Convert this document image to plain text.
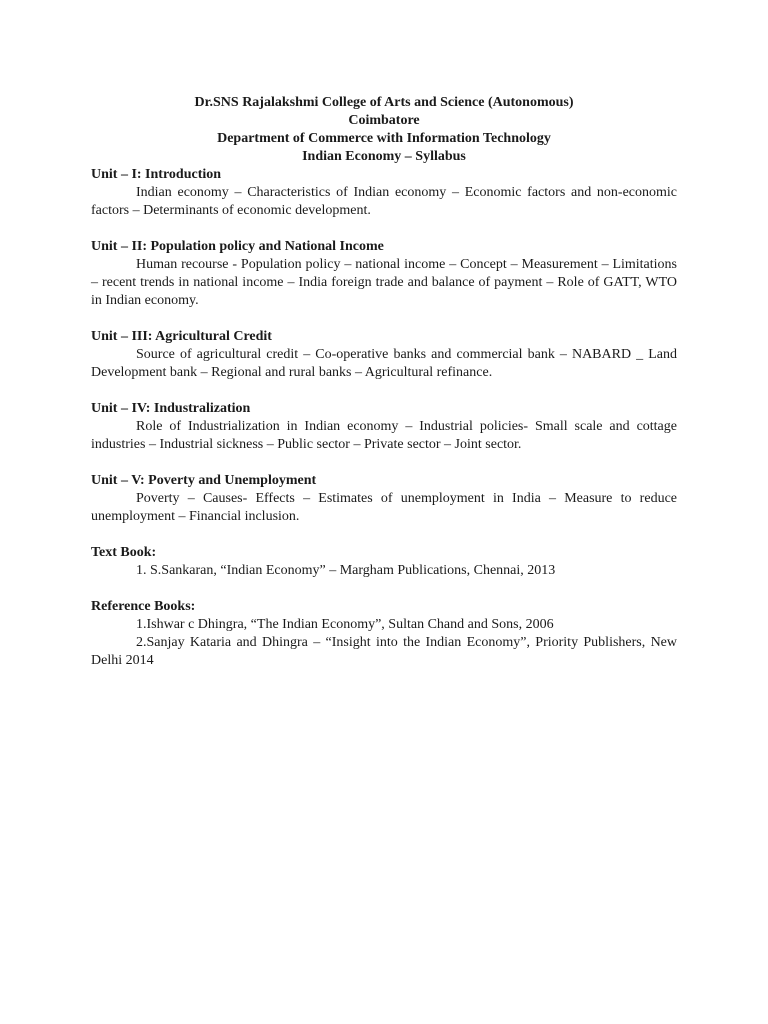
Dr.SNS Rajalakshmi College of Arts and Science (Autonomous)
Coimbatore
Department of Commerce with Information Technology
Indian Economy – Syllabus
Unit – I: Introduction
Indian economy – Characteristics of Indian economy – Economic factors and non-economic factors – Determinants of economic development.
Unit – II: Population policy and National Income
Human recourse - Population policy – national income – Concept – Measurement – Limitations – recent trends in national income – India foreign trade and balance of payment – Role of GATT, WTO in Indian economy.
Unit – III: Agricultural Credit
Source of agricultural credit – Co-operative banks and commercial bank – NABARD _ Land Development bank – Regional and rural banks – Agricultural refinance.
Unit – IV: Industralization
Role of Industrialization in Indian economy – Industrial policies- Small scale and cottage industries – Industrial sickness – Public sector – Private sector – Joint sector.
Unit – V: Poverty and Unemployment
Poverty – Causes- Effects – Estimates of unemployment in India – Measure to reduce unemployment – Financial inclusion.
Text Book:
1. S.Sankaran, “Indian Economy” – Margham Publications, Chennai, 2013
Reference Books:
1.Ishwar c Dhingra, “The Indian Economy”, Sultan Chand and Sons, 2006
2.Sanjay Kataria and Dhingra – “Insight into the Indian Economy”, Priority Publishers, New Delhi 2014
